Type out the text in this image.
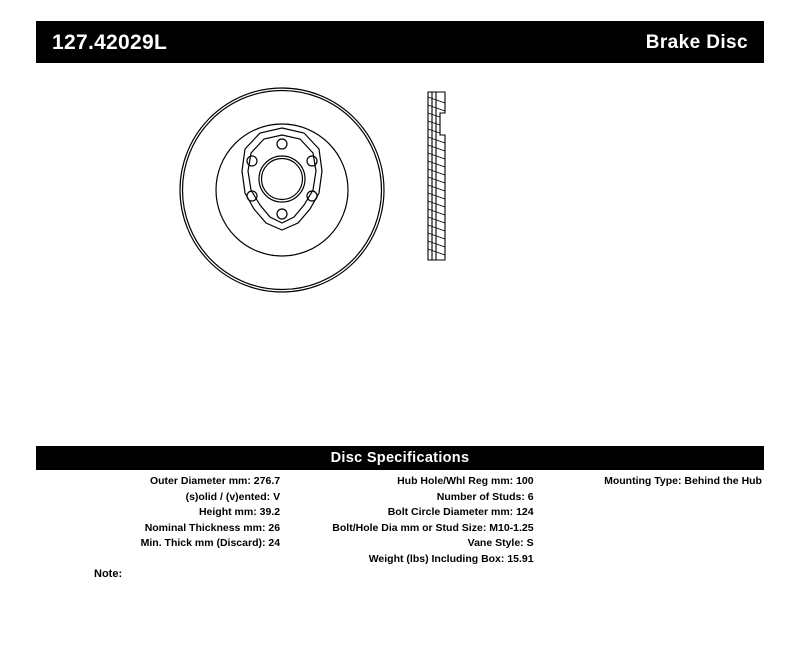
127.42029L	Brake Disc
Disc Specifications
Outer Diameter mm: 276.7
(s)olid / (v)ented: V
Height mm: 39.2
Nominal Thickness mm: 26
Min. Thick mm (Discard): 24
Hub Hole/Whl Reg mm: 100
Number of Studs: 6
Bolt Circle Diameter mm: 124
Bolt/Hole Dia mm or Stud Size: M10-1.25
Vane Style: S
Weight (lbs) Including Box: 15.91
Mounting Type: Behind the Hub
Note:
